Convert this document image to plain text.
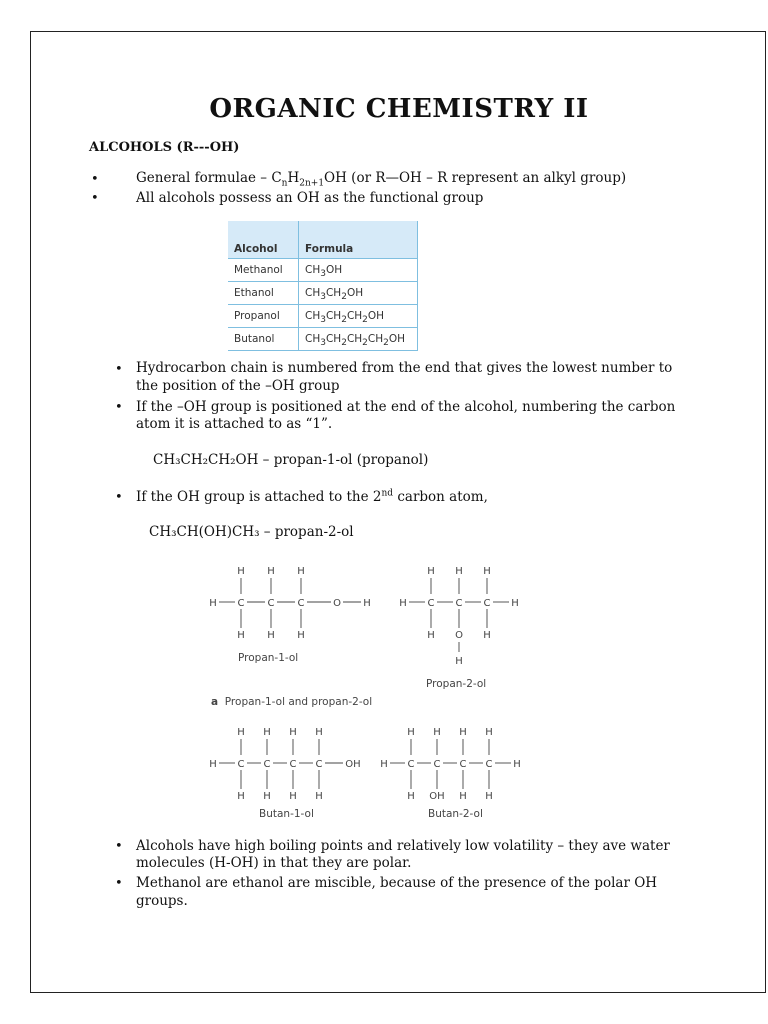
ORGANIC CHEMISTRY II
ALCOHOLS (R---OH)
•	General formulae – $C_nH_{2n+1}OH$ (or R—OH – R represent an alkyl group)
•	All alcohols possess an OH as the functional group
Alcohol	Formula
Methanol	$CH_3OH$
Ethanol	$CH_3CH_2OH$
Propanol	$CH_3CH_2CH_2OH$
Butanol	$CH_3CH_2CH_2CH_2OH$
• Hydrocarbon chain is numbered from the end that gives the lowest number to
the position of the –OH group
• If the –OH group is positioned at the end of the alcohol, numbering the carbon
atom it is attached to as “1”.
CH₃CH₂CH₂OH – propan-1-ol (propanol)
• If the OH group is attached to the 2nd carbon atom,
CH₃CH(OH)CH₃ – propan-2-ol
H C
H
H
C
H
H
C
H
H
O H
Propan-1-ol
H C
H
H
C
H
O
H
C
H
H
H
Propan-2-ol
a Propan-1-ol and propan-2-ol
H C
H
H
C
H
H
C
H
H
C
H
H
OH
Butan-1-ol
H C
H
H
C
H
OH
C
H
H
C
H
H
H
Butan-2-ol
• Alcohols have high boiling points and relatively low volatility – they ave water
molecules (H-OH) in that they are polar.
• Methanol are ethanol are miscible, because of the presence of the polar OH
groups.
